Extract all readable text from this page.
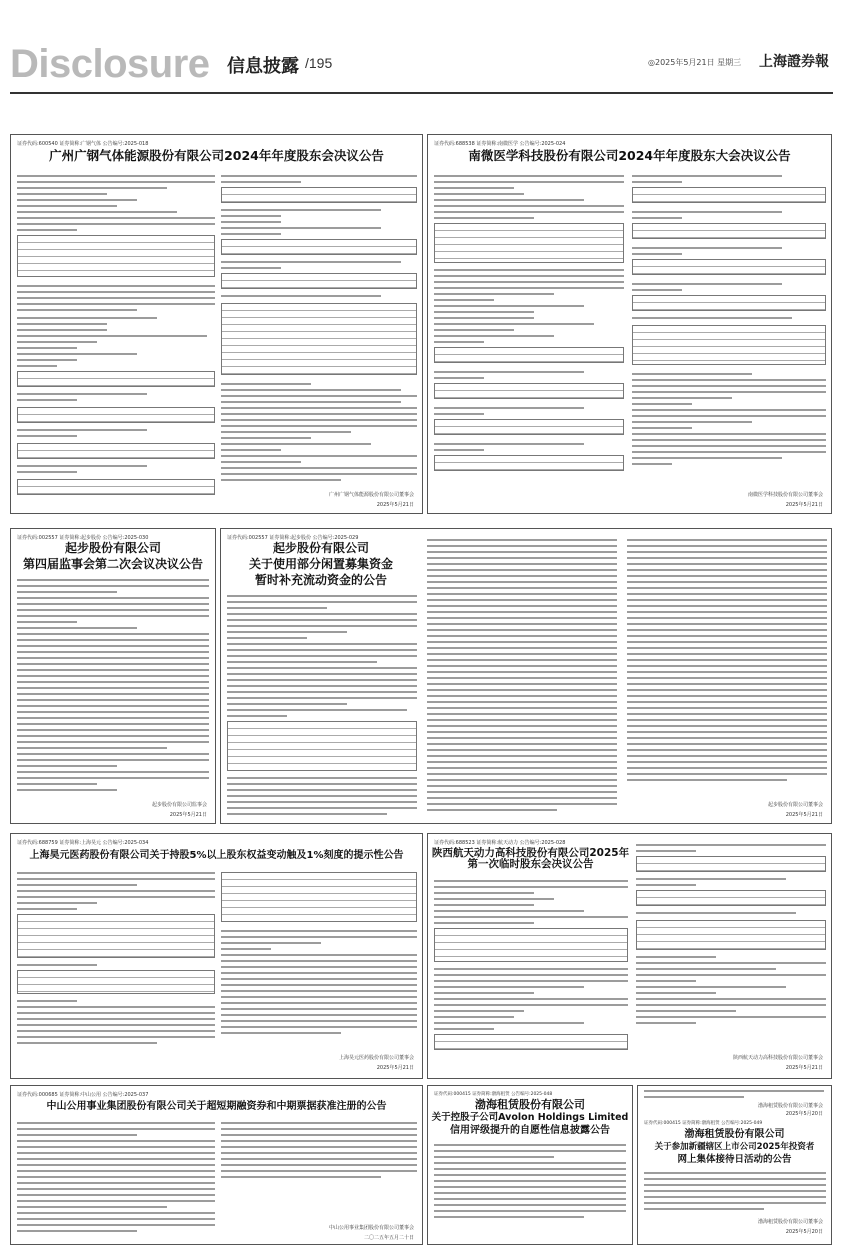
Disclosure 信息披露 /195	◎2025年5月21日 星期三 上海證券報
证券代码:600540 证券简称:广钢气体 公告编号:2025-018
广州广钢气体能源股份有限公司2024年年度股东会决议公告
广州广钢气体能源股份有限公司董事会
2025年5月21日
证券代码:688538 证券简称:南微医学 公告编号:2025-024
南微医学科技股份有限公司2024年年度股东大会决议公告
南微医学科技股份有限公司董事会
2025年5月21日
证券代码:002557 证券简称:起步股份 公告编号:2025-030
起步股份有限公司
第四届监事会第二次会议决议公告
起步股份有限公司监事会
2025年5月21日
证券代码:002557 证券简称:起步股份 公告编号:2025-029
起步股份有限公司
关于使用部分闲置募集资金
暂时补充流动资金的公告
起步股份有限公司董事会
2025年5月21日
证券代码:688759 证券简称:上海昊元 公告编号:2025-034
上海昊元医药股份有限公司关于持股5%以上股东权益变动触及1%刻度的提示性公告
上海昊元医药股份有限公司董事会
2025年5月21日
证券代码:688523 证券简称:航天动力 公告编号:2025-028
陕西航天动力高科技股份有限公司2025年第一次临时股东会决议公告
陕西航天动力高科技股份有限公司董事会
2025年5月21日
证券代码:000685 证券简称:中山公用 公告编号:2025-037
中山公用事业集团股份有限公司关于超短期融资券和中期票据获准注册的公告
中山公用事业集团股份有限公司董事会
二〇二五年五月二十日
证券代码:000415 证券简称:渤海租赁 公告编号:2025-048
渤海租赁股份有限公司
关于控股子公司Avolon Holdings Limited
信用评级提升的自愿性信息披露公告
渤海租赁股份有限公司董事会
2025年5月20日
证券代码:000415 证券简称:渤海租赁 公告编号:2025-049
渤海租赁股份有限公司
关于参加新疆辖区上市公司2025年投资者
网上集体接待日活动的公告
渤海租赁股份有限公司董事会
2025年5月20日
